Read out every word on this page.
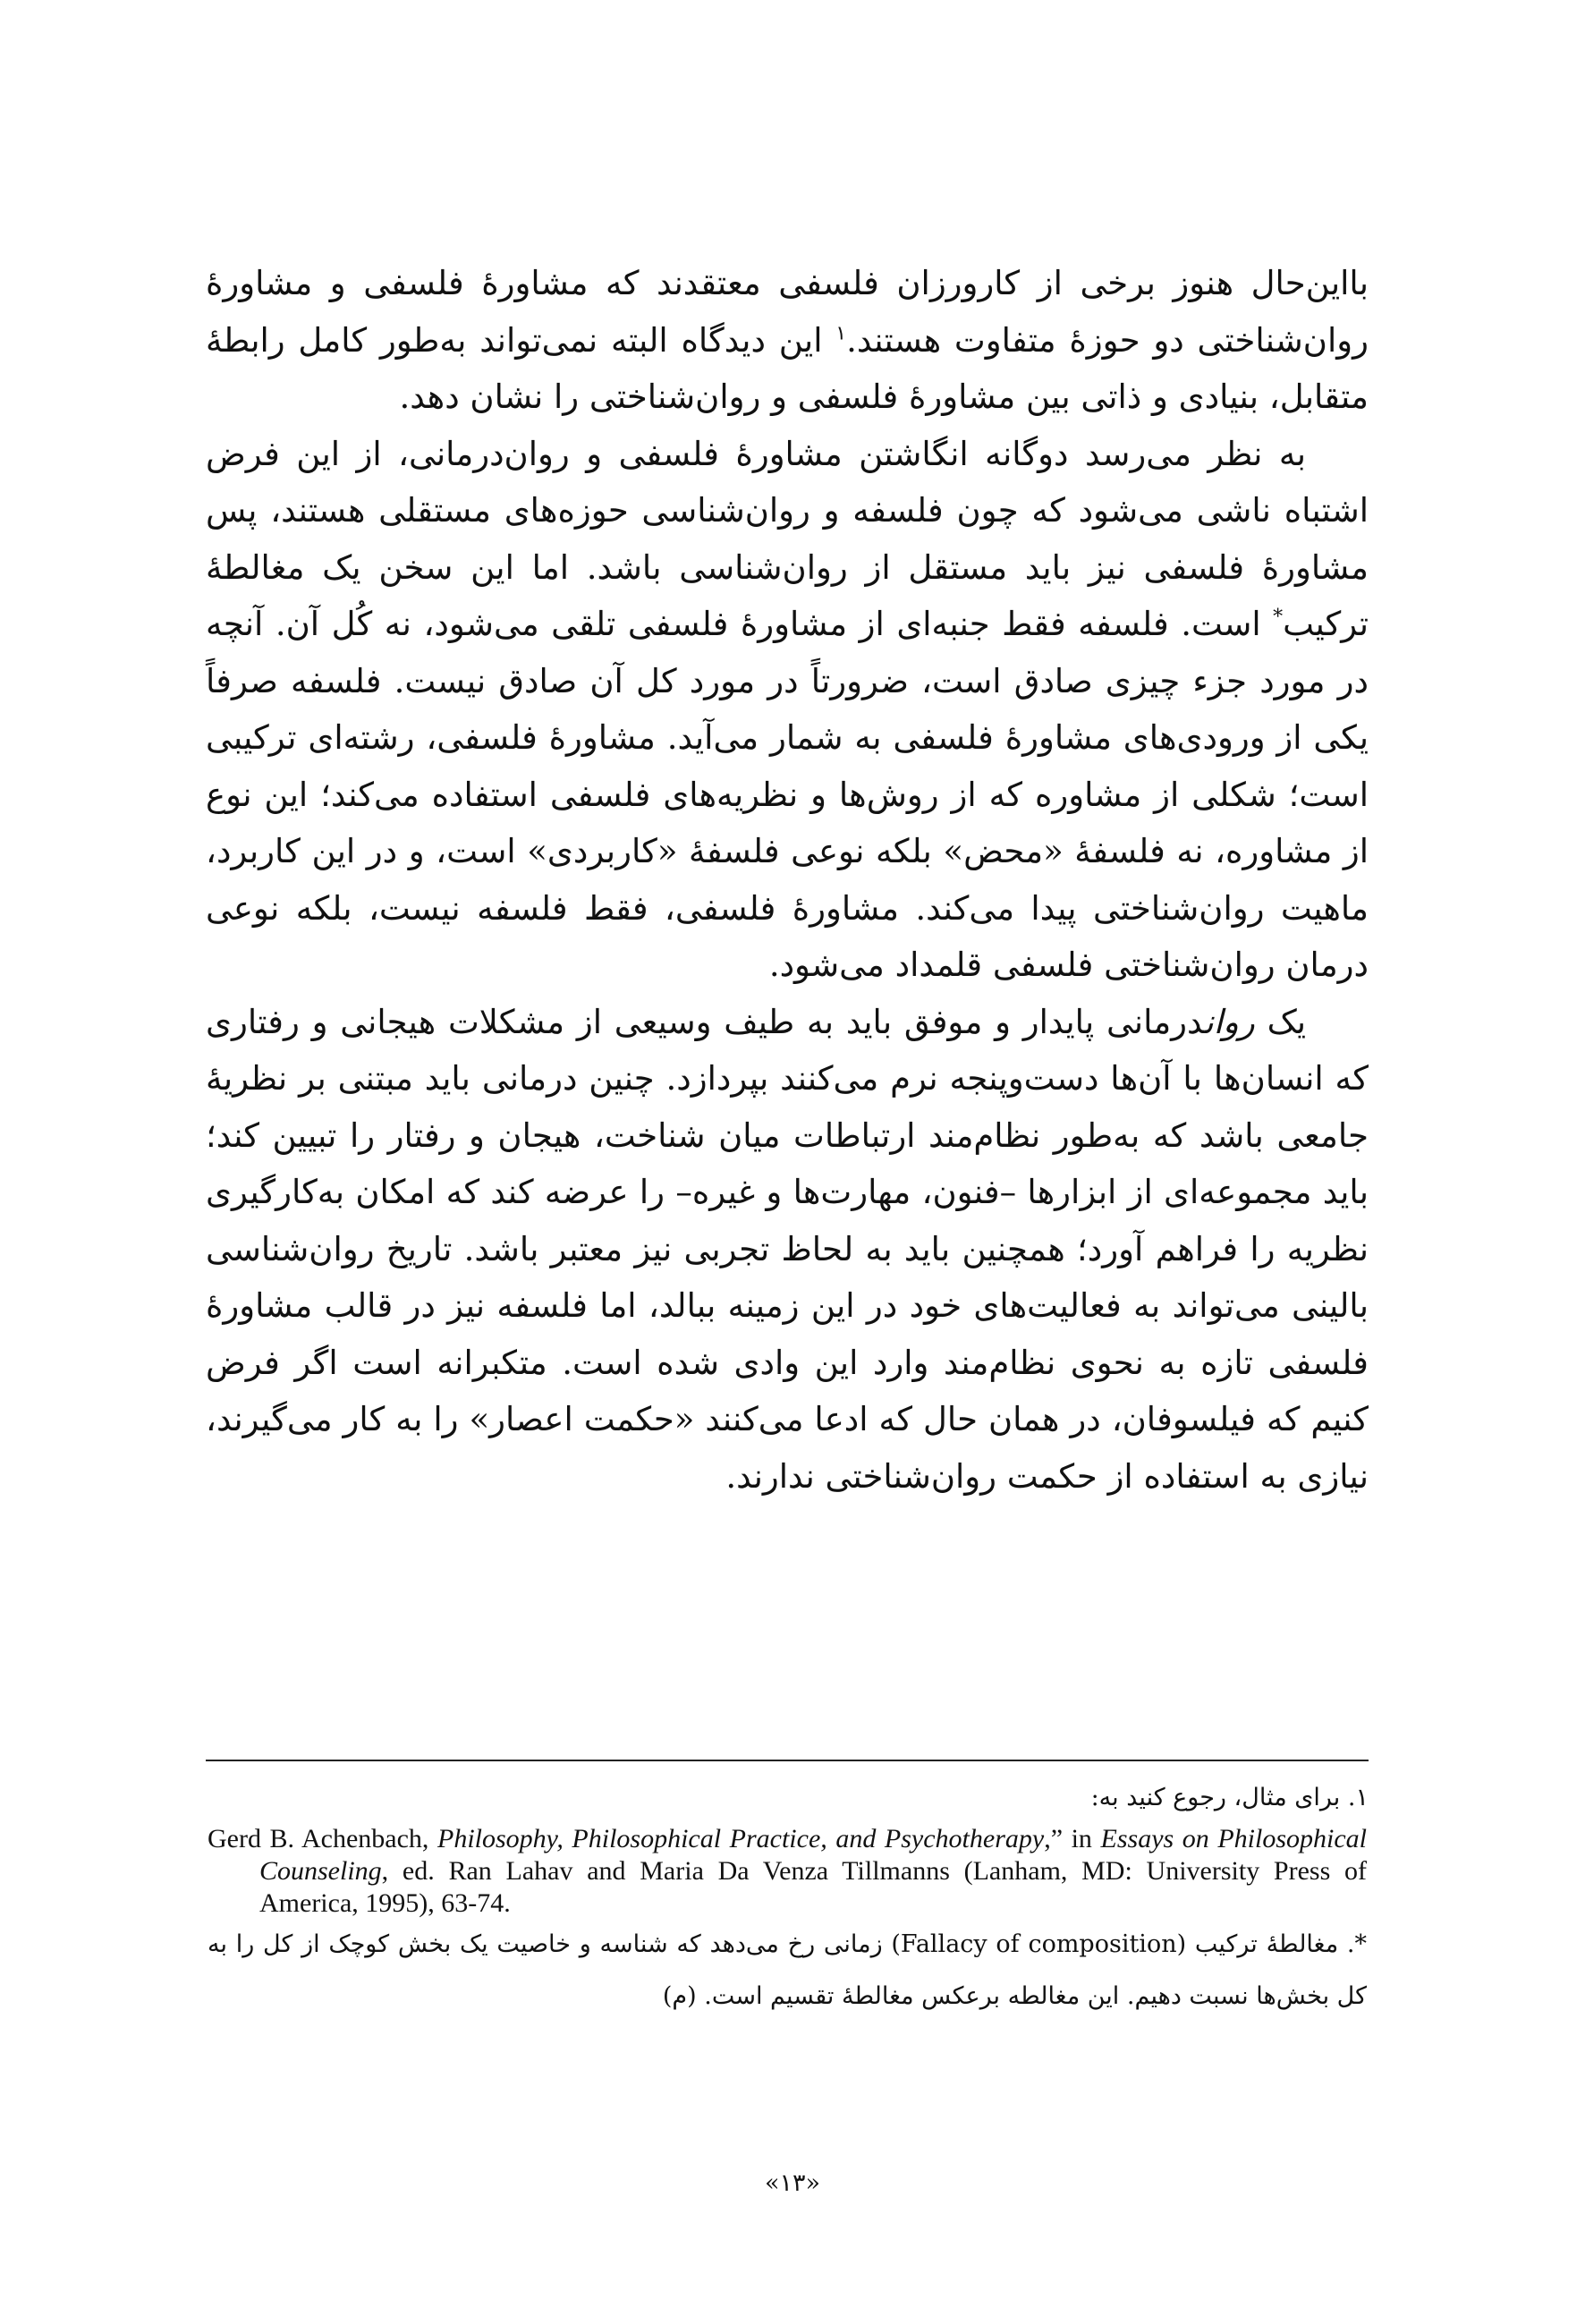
بااین‌حال هنوز برخی از کارورزان فلسفی معتقدند که مشاورهٔ فلسفی و مشاورهٔ روان‌شناختی دو حوزهٔ متفاوت هستند.$^۱$ این دیدگاه البته نمی‌تواند به‌طور کامل رابطهٔ متقابل، بنیادی و ذاتی بین مشاورهٔ فلسفی و روان‌شناختی را نشان دهد.

به نظر می‌رسد دوگانه انگاشتن مشاورهٔ فلسفی و روان‌درمانی، از این فرض اشتباه ناشی می‌شود که چون فلسفه و روان‌شناسی حوزه‌های مستقلی هستند، پس مشاورهٔ فلسفی نیز باید مستقل از روان‌شناسی باشد. اما این سخن یک مغالطهٔ ترکیب* است. فلسفه فقط جنبه‌ای از مشاورهٔ فلسفی تلقی می‌شود، نه کُل آن. آنچه در مورد جزء چیزی صادق است، ضرورتاً در مورد کل آن صادق نیست. فلسفه صرفاً یکی از ورودی‌های مشاورهٔ فلسفی به شمار می‌آید. مشاورهٔ فلسفی، رشته‌ای ترکیبی است؛ شکلی از مشاوره که از روش‌ها و نظریه‌های فلسفی استفاده می‌کند؛ این نوع از مشاوره، نه فلسفهٔ «محض» بلکه نوعی فلسفهٔ «کاربردی» است، و در این کاربرد، ماهیت روان‌شناختی پیدا می‌کند. مشاورهٔ فلسفی، فقط فلسفه نیست، بلکه نوعی درمان روان‌شناختی فلسفی قلمداد می‌شود.

یک رواندرمانی پایدار و موفق باید به طیف وسیعی از مشکلات هیجانی و رفتاری که انسان‌ها با آن‌ها دست‌وپنجه نرم می‌کنند بپردازد. چنین درمانی باید مبتنی بر نظریهٔ جامعی باشد که به‌طور نظام‌مند ارتباطات میان شناخت، هیجان و رفتار را تبیین کند؛ باید مجموعه‌ای از ابزارها –فنون، مهارت‌ها و غیره– را عرضه کند که امکان به‌کارگیری نظریه را فراهم آورد؛ همچنین باید به لحاظ تجربی نیز معتبر باشد. تاریخ روان‌شناسی بالینی می‌تواند به فعالیت‌های خود در این زمینه ببالد، اما فلسفه نیز در قالب مشاورهٔ فلسفی تازه به نحوی نظام‌مند وارد این وادی شده است. متکبرانه است اگر فرض کنیم که فیلسوفان، در همان حال که ادعا می‌کنند «حکمت اعصار» را به کار می‌گیرند، نیازی به استفاده از حکمت روان‌شناختی ندارند.

۱. برای مثال، رجوع کنید به:
Gerd B. Achenbach, Philosophy, Philosophical Practice, and Psychotherapy,” in Essays on Philosophical Counseling, ed. Ran Lahav and Maria Da Venza Tillmanns (Lanham, MD: University Press of America, 1995), 63-74.
*. مغالطهٔ ترکیب (Fallacy of composition) زمانی رخ می‌دهد که شناسه و خاصیت یک بخش کوچک از کل را به کل بخش‌ها نسبت دهیم. این مغالطه برعکس مغالطهٔ تقسیم است. (م)
«۱۳»
